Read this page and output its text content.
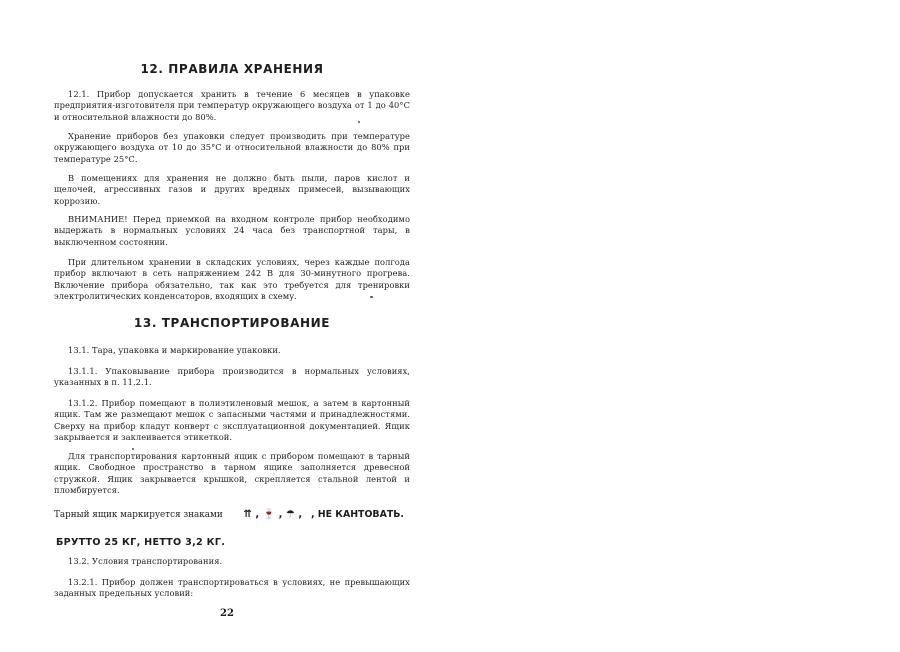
12. ПРАВИЛА ХРАНЕНИЯ
12.1. Прибор допускается хранить в течение 6 месяцев в упаковке предприятия-изготовителя при температур окружающего воздуха от 1 до 40°С и относительной влажности до 80%.
Хранение приборов без упаковки следует производить при температуре окружающего воздуха от 10 до 35°С и относительной влажности до 80% при температуре 25°С.
В помещениях для хранения не должно быть пыли, паров кислот и щелочей, агрессивных газов и других вредных примесей, вызывающих коррозию.
ВНИМАНИЕ! Перед приемкой на входном контроле прибор необходимо выдержать в нормальных условиях 24 часа без транспортной тары, в выключенном состоянии.
При длительном хранении в складских условиях, через каждые полгода прибор включают в сеть напряжением 242 В для 30-минутного прогрева. Включение прибора обязательно, так как это требуется для тренировки электролитических конденсаторов, входящих в схему.
13. ТРАНСПОРТИРОВАНИЕ
13.1. Тара, упаковка и маркирование упаковки.
13.1.1. Упаковывание прибора производится в нормальных условиях, указанных в п. 11.2.1.
13.1.2. Прибор помещают в полиэтиленовый мешок, а затем в картонный ящик. Там же размещают мешок с запасными частями и принадлежностями. Сверху на прибор кладут конверт с эксплуатационной документацией. Ящик закрывается и заклеивается этикеткой.
Для транспортирования картонный ящик с прибором помещают в тарный ящик. Свободное пространство в тарном ящике заполняется древесной стружкой. Ящик закрывается крышкой, скрепляется стальной лентой и пломбируется.
Тарный ящик маркируется знаками ⇈ , 🍷 , ☂ , , НЕ КАНТОВАТЬ.
БРУТТО 25 КГ, НЕТТО 3,2 КГ.
13.2. Условия транспортирования.
13.2.1. Прибор должен транспортироваться в условиях, не превышающих заданных предельных условий:
22
